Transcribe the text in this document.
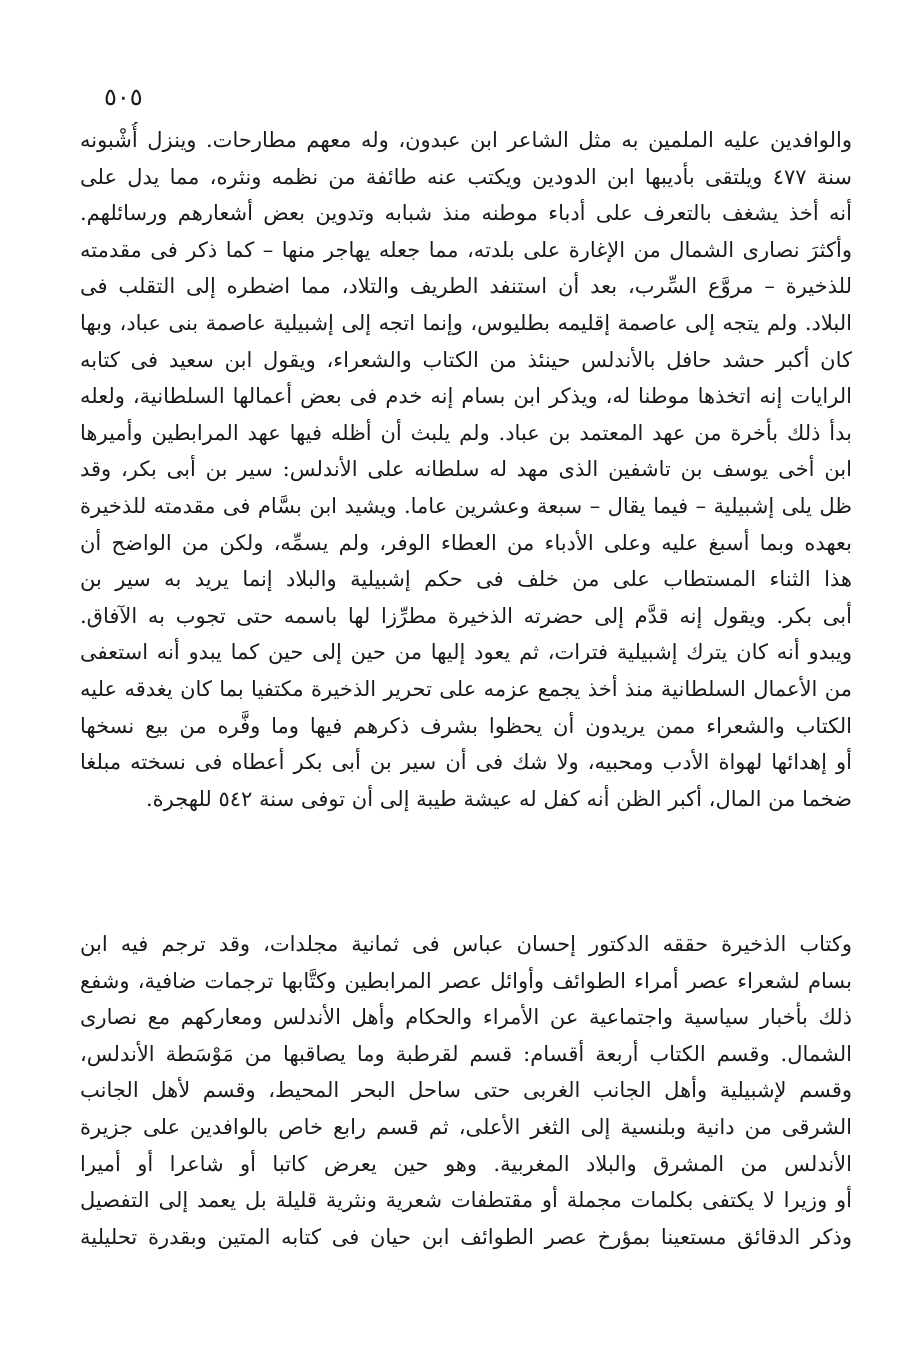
٥٠٥
والوافدين عليه الملمين به مثل الشاعر ابن عبدون، وله معهم مطارحات. وينزل أُشْبونه
سنة ٤٧٧ ويلتقى بأديبها ابن الدودين ويكتب عنه طائفة من نظمه ونثره، مما يدل على
أنه أخذ يشغف بالتعرف على أدباء موطنه منذ شبابه وتدوين بعض أشعارهم ورسائلهم.
وأكثرَ نصارى الشمال من الإغارة على بلدته، مما جعله يهاجر منها – كما ذكر فى مقدمته
للذخيرة – مروَّع السِّرب، بعد أن استنفد الطريف والتلاد، مما اضطره إلى التقلب فى
البلاد. ولم يتجه إلى عاصمة إقليمه بطليوس، وإنما اتجه إلى إشبيلية عاصمة بنى عباد، وبها
كان أكبر حشد حافل بالأندلس حينئذ من الكتاب والشعراء، ويقول ابن سعيد فى كتابه
الرايات إنه اتخذها موطنا له، ويذكر ابن بسام إنه خدم فى بعض أعمالها السلطانية، ولعله
بدأ ذلك بأخرة من عهد المعتمد بن عباد. ولم يلبث أن أظله فيها عهد المرابطين وأميرها
ابن أخى يوسف بن تاشفين الذى مهد له سلطانه على الأندلس: سير بن أبى بكر، وقد
ظل يلى إشبيلية – فيما يقال – سبعة وعشرين عاما. ويشيد ابن بسَّام فى مقدمته للذخيرة
بعهده وبما أسبغ عليه وعلى الأدباء من العطاء الوفر، ولم يسمِّه، ولكن من الواضح أن
هذا الثناء المستطاب على من خلف فى حكم إشبيلية والبلاد إنما يريد به سير بن
أبى بكر. ويقول إنه قدَّم إلى حضرته الذخيرة مطرِّزا لها باسمه حتى تجوب به الآفاق.
ويبدو أنه كان يترك إشبيلية فترات، ثم يعود إليها من حين إلى حين كما يبدو أنه استعفى
من الأعمال السلطانية منذ أخذ يجمع عزمه على تحرير الذخيرة مكتفيا بما كان يغدقه عليه
الكتاب والشعراء ممن يريدون أن يحظوا بشرف ذكرهم فيها وما وفَّره من بيع نسخها
أو إهدائها لهواة الأدب ومحبيه، ولا شك فى أن سير بن أبى بكر أعطاه فى نسخته مبلغا
ضخما من المال، أكبر الظن أنه كفل له عيشة طيبة إلى أن توفى سنة ٥٤٢ للهجرة.
وكتاب الذخيرة حققه الدكتور إحسان عباس فى ثمانية مجلدات، وقد ترجم فيه ابن
بسام لشعراء عصر أمراء الطوائف وأوائل عصر المرابطين وكتَّابها ترجمات ضافية، وشفع
ذلك بأخبار سياسية واجتماعية عن الأمراء والحكام وأهل الأندلس ومعاركهم مع نصارى
الشمال. وقسم الكتاب أربعة أقسام: قسم لقرطبة وما يصاقبها من مَوْسَطة الأندلس،
وقسم لإشبيلية وأهل الجانب الغربى حتى ساحل البحر المحيط، وقسم لأهل الجانب
الشرقى من دانية وبلنسية إلى الثغر الأعلى، ثم قسم رابع خاص بالوافدين على جزيرة
الأندلس من المشرق والبلاد المغربية. وهو حين يعرض كاتبا أو شاعرا أو أميرا
أو وزيرا لا يكتفى بكلمات مجملة أو مقتطفات شعرية ونثرية قليلة بل يعمد إلى التفصيل
وذكر الدقائق مستعينا بمؤرخ عصر الطوائف ابن حيان فى كتابه المتين وبقدرة تحليلية
